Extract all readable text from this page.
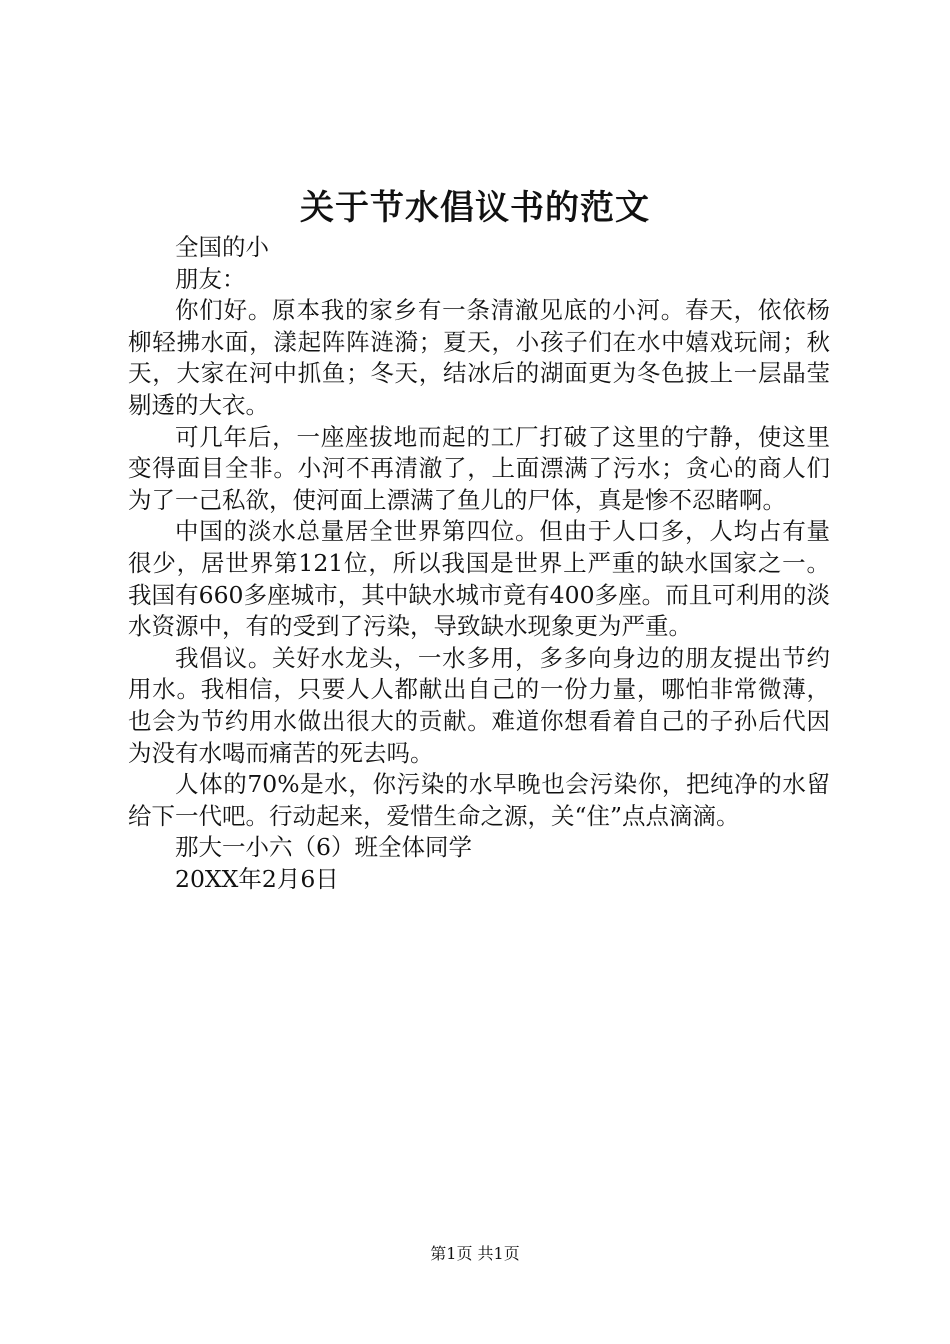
关于节水倡议书的范文

全国的小

朋友：

你们好。原本我的家乡有一条清澈见底的小河。春天，依依杨柳轻拂水面，漾起阵阵涟漪；夏天，小孩子们在水中嬉戏玩闹；秋天，大家在河中抓鱼；冬天，结冰后的湖面更为冬色披上一层晶莹剔透的大衣。

可几年后，一座座拔地而起的工厂打破了这里的宁静，使这里变得面目全非。小河不再清澈了，上面漂满了污水；贪心的商人们为了一己私欲，使河面上漂满了鱼儿的尸体，真是惨不忍睹啊。

中国的淡水总量居全世界第四位。但由于人口多，人均占有量很少，居世界第121位，所以我国是世界上严重的缺水国家之一。我国有660多座城市，其中缺水城市竟有400多座。而且可利用的淡水资源中，有的受到了污染，导致缺水现象更为严重。

我倡议。关好水龙头，一水多用，多多向身边的朋友提出节约用水。我相信，只要人人都献出自己的一份力量，哪怕非常微薄，也会为节约用水做出很大的贡献。难道你想看着自己的子孙后代因为没有水喝而痛苦的死去吗。

人体的70%是水，你污染的水早晚也会污染你，把纯净的水留给下一代吧。行动起来，爱惜生命之源，关“住”点点滴滴。

那大一小六（6）班全体同学

20XX年2月6日

第1页 共1页
